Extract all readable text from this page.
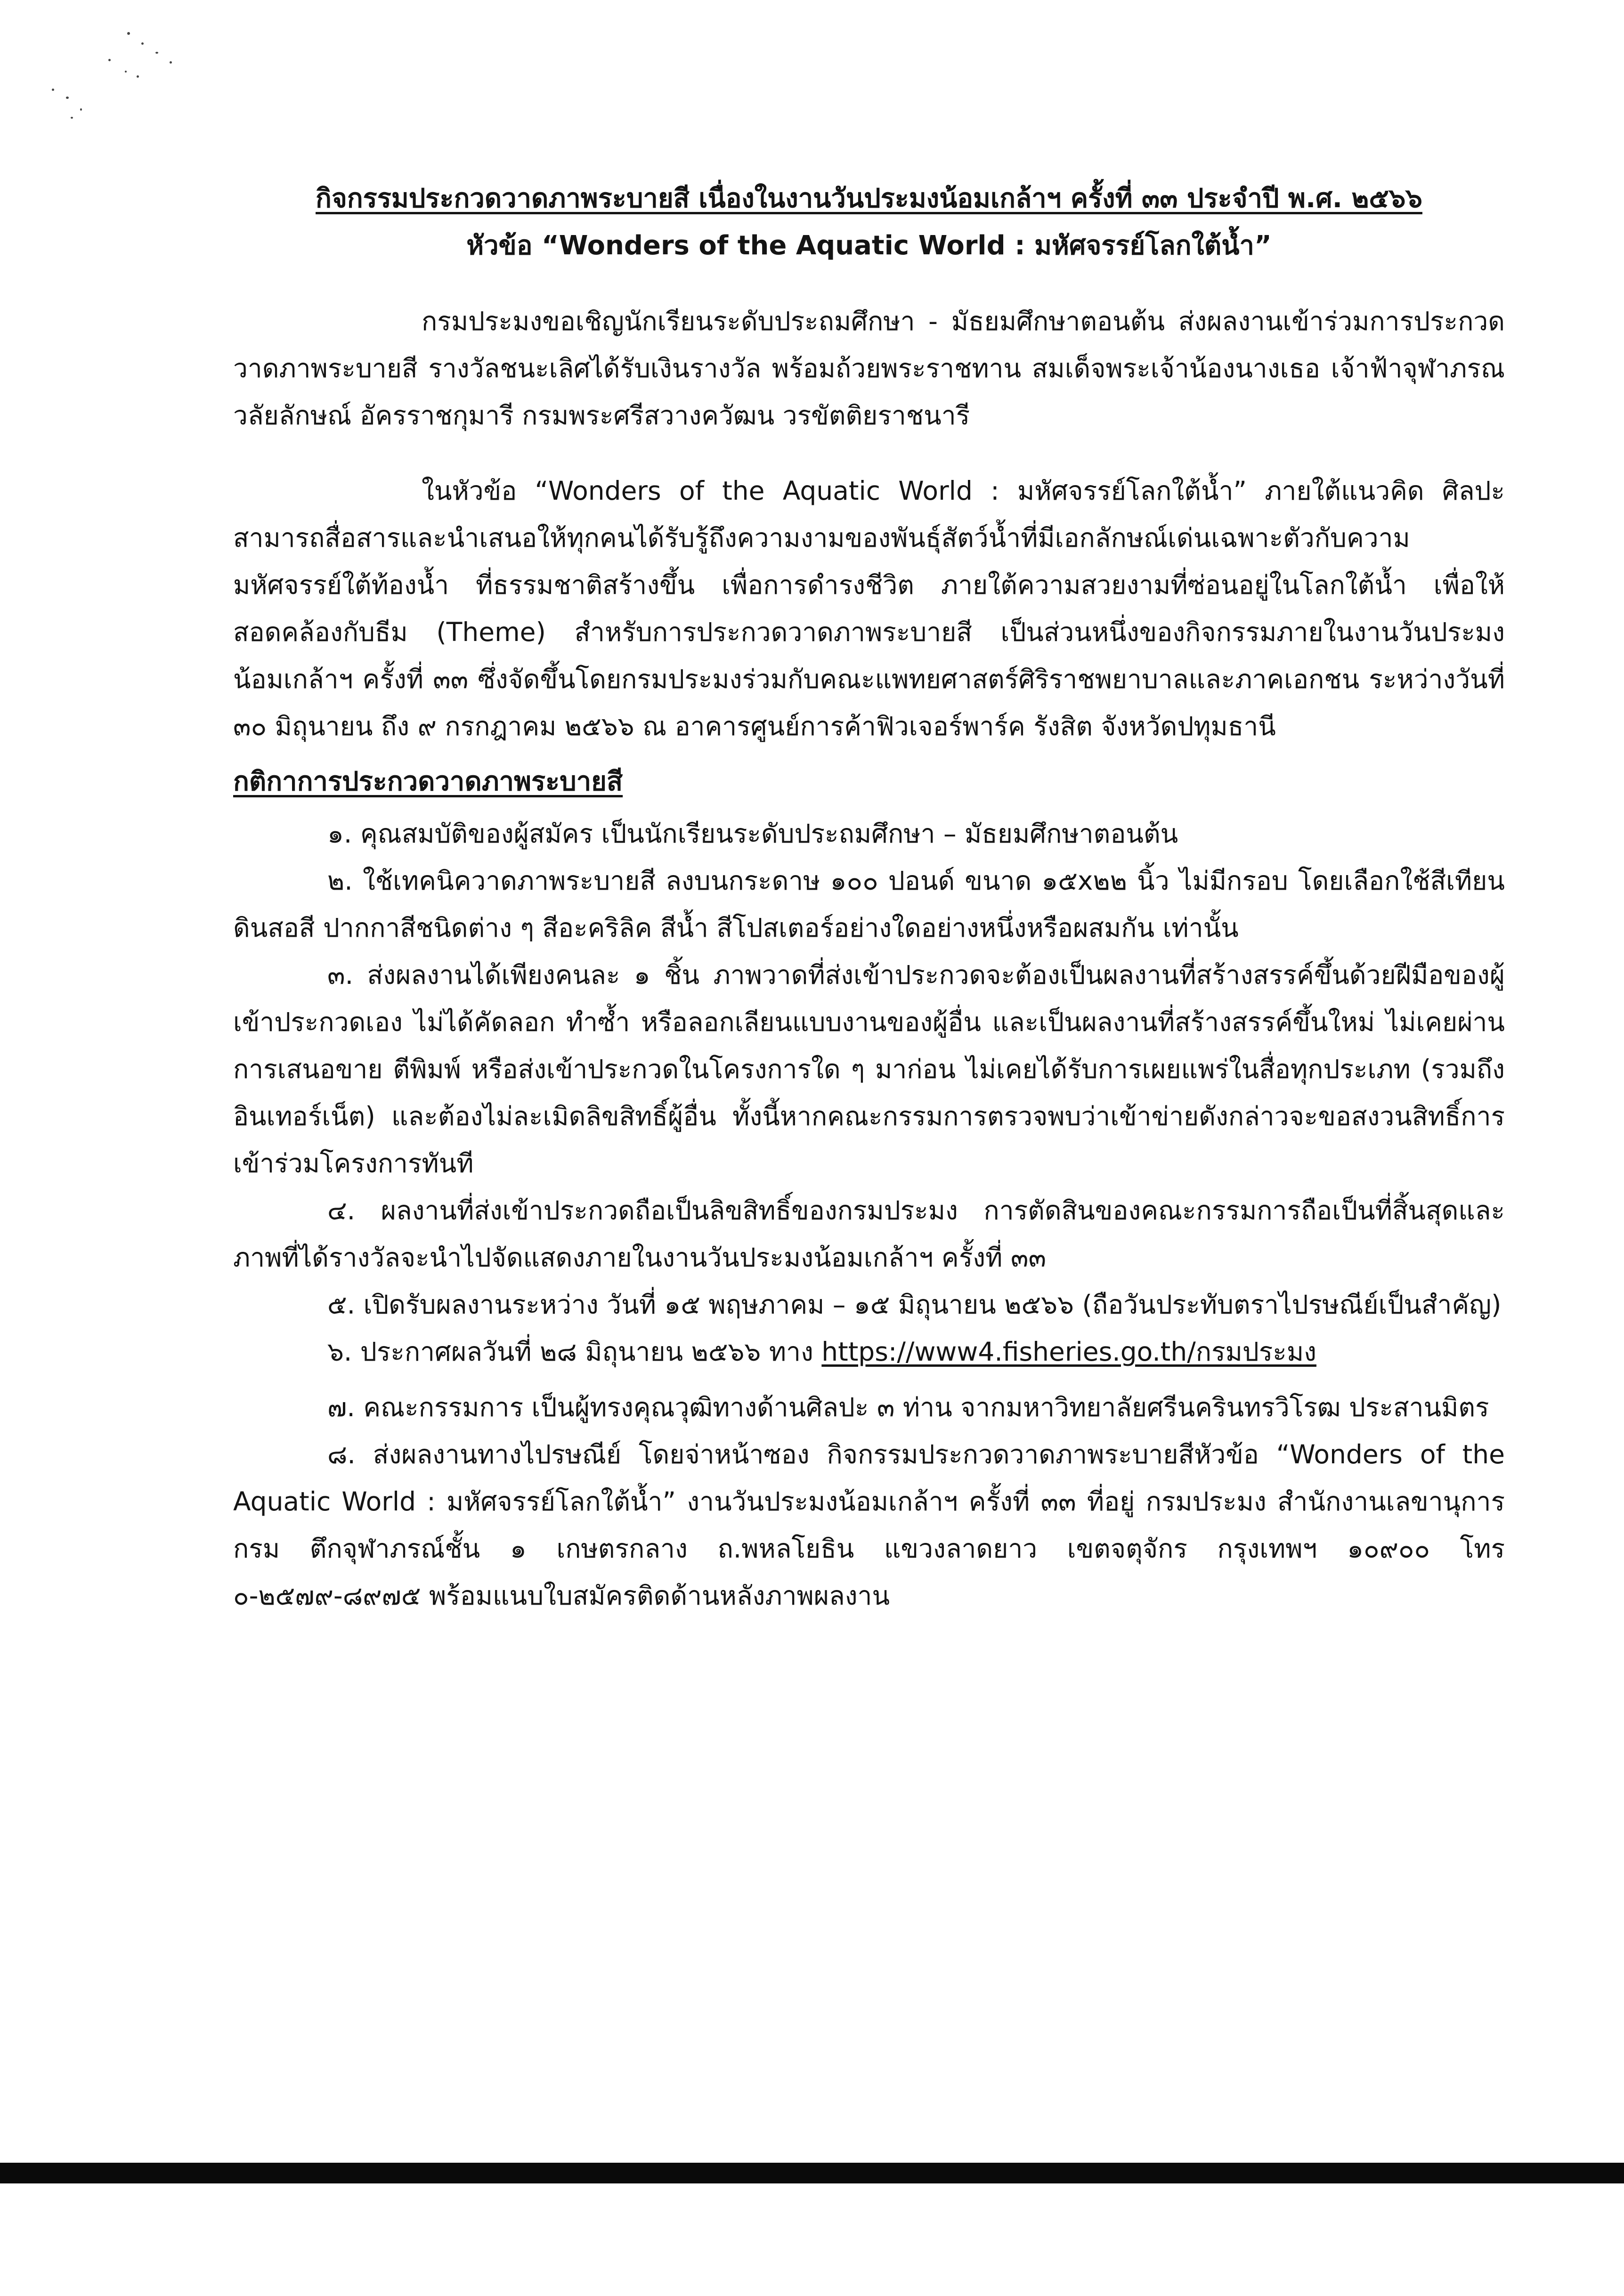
กิจกรรมประกวดวาดภาพระบายสี เนื่องในงานวันประมงน้อมเกล้าฯ ครั้งที่ ๓๓ ประจำปี พ.ศ. ๒๕๖๖

หัวข้อ “Wonders of the Aquatic World : มหัศจรรย์โลกใต้น้ำ”

กรมประมงขอเชิญนักเรียนระดับประถมศึกษา - มัธยมศึกษาตอนต้น ส่งผลงานเข้าร่วมการประกวดวาดภาพระบายสี รางวัลชนะเลิศได้รับเงินรางวัล พร้อมถ้วยพระราชทาน สมเด็จพระเจ้าน้องนางเธอ เจ้าฟ้าจุฬาภรณวลัยลักษณ์ อัครราชกุมารี กรมพระศรีสวางควัฒน วรขัตติยราชนารี

ในหัวข้อ “Wonders of the Aquatic World : มหัศจรรย์โลกใต้น้ำ” ภายใต้แนวคิด ศิลปะสามารถสื่อสารและนำเสนอให้ทุกคนได้รับรู้ถึงความงามของพันธุ์สัตว์น้ำที่มีเอกลักษณ์เด่นเฉพาะตัวกับความมหัศจรรย์ใต้ท้องน้ำ ที่ธรรมชาติสร้างขึ้น เพื่อการดำรงชีวิต ภายใต้ความสวยงามที่ซ่อนอยู่ในโลกใต้น้ำ เพื่อให้สอดคล้องกับธีม (Theme) สำหรับการประกวดวาดภาพระบายสี เป็นส่วนหนึ่งของกิจกรรมภายในงานวันประมงน้อมเกล้าฯ ครั้งที่ ๓๓ ซึ่งจัดขึ้นโดยกรมประมงร่วมกับคณะแพทยศาสตร์ศิริราชพยาบาลและภาคเอกชน ระหว่างวันที่ ๓๐ มิถุนายน ถึง ๙ กรกฎาคม ๒๕๖๖ ณ อาคารศูนย์การค้าฟิวเจอร์พาร์ค รังสิต จังหวัดปทุมธานี

กติกาการประกวดวาดภาพระบายสี

๑. คุณสมบัติของผู้สมัคร เป็นนักเรียนระดับประถมศึกษา – มัธยมศึกษาตอนต้น

๒. ใช้เทคนิควาดภาพระบายสี ลงบนกระดาษ ๑๐๐ ปอนด์ ขนาด ๑๕x๒๒ นิ้ว ไม่มีกรอบ โดยเลือกใช้สีเทียน ดินสอสี ปากกาสีชนิดต่าง ๆ สีอะคริลิค สีน้ำ สีโปสเตอร์อย่างใดอย่างหนึ่งหรือผสมกัน เท่านั้น

๓. ส่งผลงานได้เพียงคนละ ๑ ชิ้น ภาพวาดที่ส่งเข้าประกวดจะต้องเป็นผลงานที่สร้างสรรค์ขึ้นด้วยฝีมือของผู้เข้าประกวดเอง ไม่ได้คัดลอก ทำซ้ำ หรือลอกเลียนแบบงานของผู้อื่น และเป็นผลงานที่สร้างสรรค์ขึ้นใหม่ ไม่เคยผ่านการเสนอขาย ตีพิมพ์ หรือส่งเข้าประกวดในโครงการใด ๆ มาก่อน ไม่เคยได้รับการเผยแพร่ในสื่อทุกประเภท (รวมถึงอินเทอร์เน็ต) และต้องไม่ละเมิดลิขสิทธิ์ผู้อื่น ทั้งนี้หากคณะกรรมการตรวจพบว่าเข้าข่ายดังกล่าวจะขอสงวนสิทธิ์การเข้าร่วมโครงการทันที

๔. ผลงานที่ส่งเข้าประกวดถือเป็นลิขสิทธิ์ของกรมประมง การตัดสินของคณะกรรมการถือเป็นที่สิ้นสุดและภาพที่ได้รางวัลจะนำไปจัดแสดงภายในงานวันประมงน้อมเกล้าฯ ครั้งที่ ๓๓

๕. เปิดรับผลงานระหว่าง วันที่ ๑๕ พฤษภาคม – ๑๕ มิถุนายน ๒๕๖๖ (ถือวันประทับตราไปรษณีย์เป็นสำคัญ)

๖. ประกาศผลวันที่ ๒๘ มิถุนายน ๒๕๖๖ ทาง https://www4.fisheries.go.th/กรมประมง

๗. คณะกรรมการ เป็นผู้ทรงคุณวุฒิทางด้านศิลปะ ๓ ท่าน จากมหาวิทยาลัยศรีนครินทรวิโรฒ ประสานมิตร

๘. ส่งผลงานทางไปรษณีย์ โดยจ่าหน้าซอง กิจกรรมประกวดวาดภาพระบายสีหัวข้อ “Wonders of the Aquatic World : มหัศจรรย์โลกใต้น้ำ” งานวันประมงน้อมเกล้าฯ ครั้งที่ ๓๓ ที่อยู่ กรมประมง สำนักงานเลขานุการกรม ตึกจุฬาภรณ์ชั้น ๑ เกษตรกลาง ถ.พหลโยธิน แขวงลาดยาว เขตจตุจักร กรุงเทพฯ ๑๐๙๐๐ โทร ๐-๒๕๗๙-๘๙๗๕ พร้อมแนบใบสมัครติดด้านหลังภาพผลงาน
